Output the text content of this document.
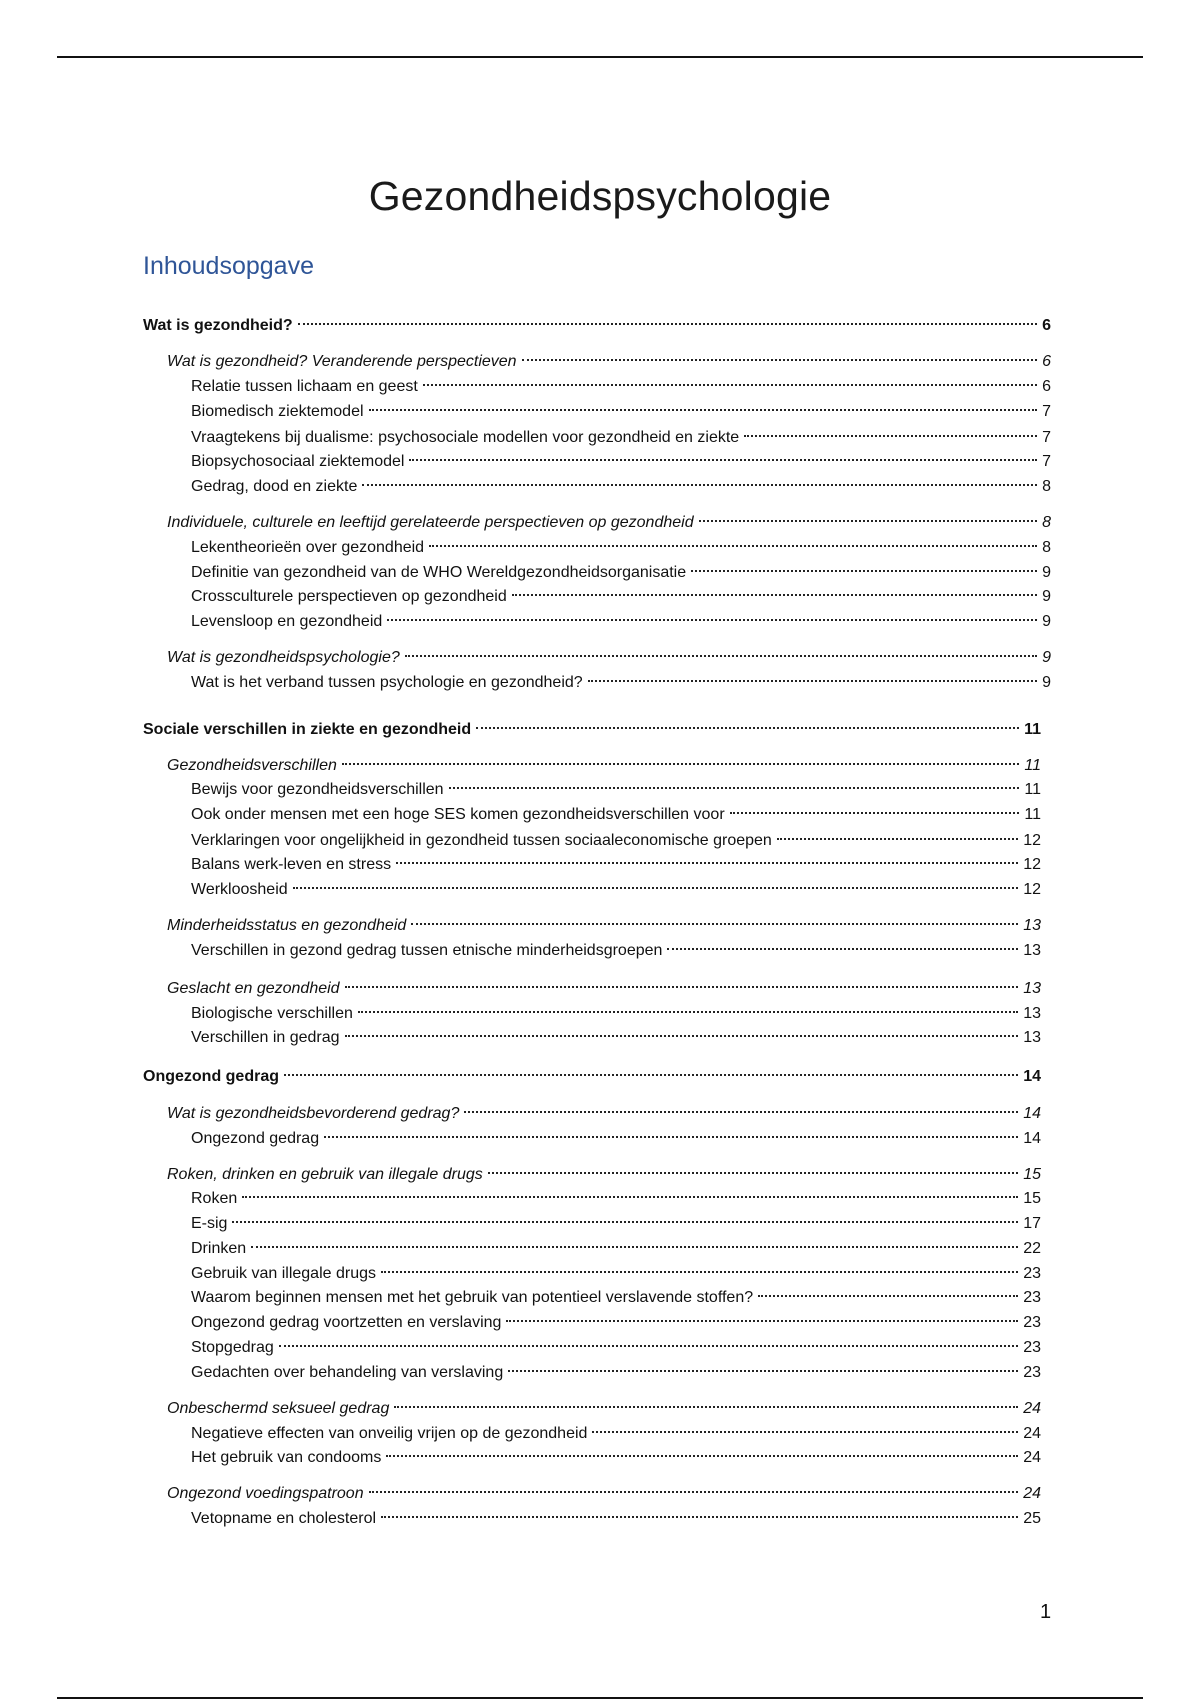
Gezondheidspsychologie
Inhoudsopgave
Wat is gezondheid?	6
Wat is gezondheid? Veranderende perspectieven	6
Relatie tussen lichaam en geest	6
Biomedisch ziektemodel	7
Vraagtekens bij dualisme: psychosociale modellen voor gezondheid en ziekte	7
Biopsychosociaal ziektemodel	7
Gedrag, dood en ziekte	8
Individuele, culturele en leeftijd gerelateerde perspectieven op gezondheid	8
Lekentheorieën over gezondheid	8
Definitie van gezondheid van de WHO Wereldgezondheidsorganisatie	9
Crossculturele perspectieven op gezondheid	9
Levensloop en gezondheid	9
Wat is gezondheidspsychologie?	9
Wat is het verband tussen psychologie en gezondheid?	9
Sociale verschillen in ziekte en gezondheid	11
Gezondheidsverschillen	11
Bewijs voor gezondheidsverschillen	11
Ook onder mensen met een hoge SES komen gezondheidsverschillen voor	11
Verklaringen voor ongelijkheid in gezondheid tussen sociaaleconomische groepen	12
Balans werk-leven en stress	12
Werkloosheid	12
Minderheidsstatus en gezondheid	13
Verschillen in gezond gedrag tussen etnische minderheidsgroepen	13
Geslacht en gezondheid	13
Biologische verschillen	13
Verschillen in gedrag	13
Ongezond gedrag	14
Wat is gezondheidsbevorderend gedrag?	14
Ongezond gedrag	14
Roken, drinken en gebruik van illegale drugs	15
Roken	15
E-sig	17
Drinken	22
Gebruik van illegale drugs	23
Waarom beginnen mensen met het gebruik van potentieel verslavende stoffen?	23
Ongezond gedrag voortzetten en verslaving	23
Stopgedrag	23
Gedachten over behandeling van verslaving	23
Onbeschermd seksueel gedrag	24
Negatieve effecten van onveilig vrijen op de gezondheid	24
Het gebruik van condooms	24
Ongezond voedingspatroon	24
Vetopname en cholesterol	25
1
